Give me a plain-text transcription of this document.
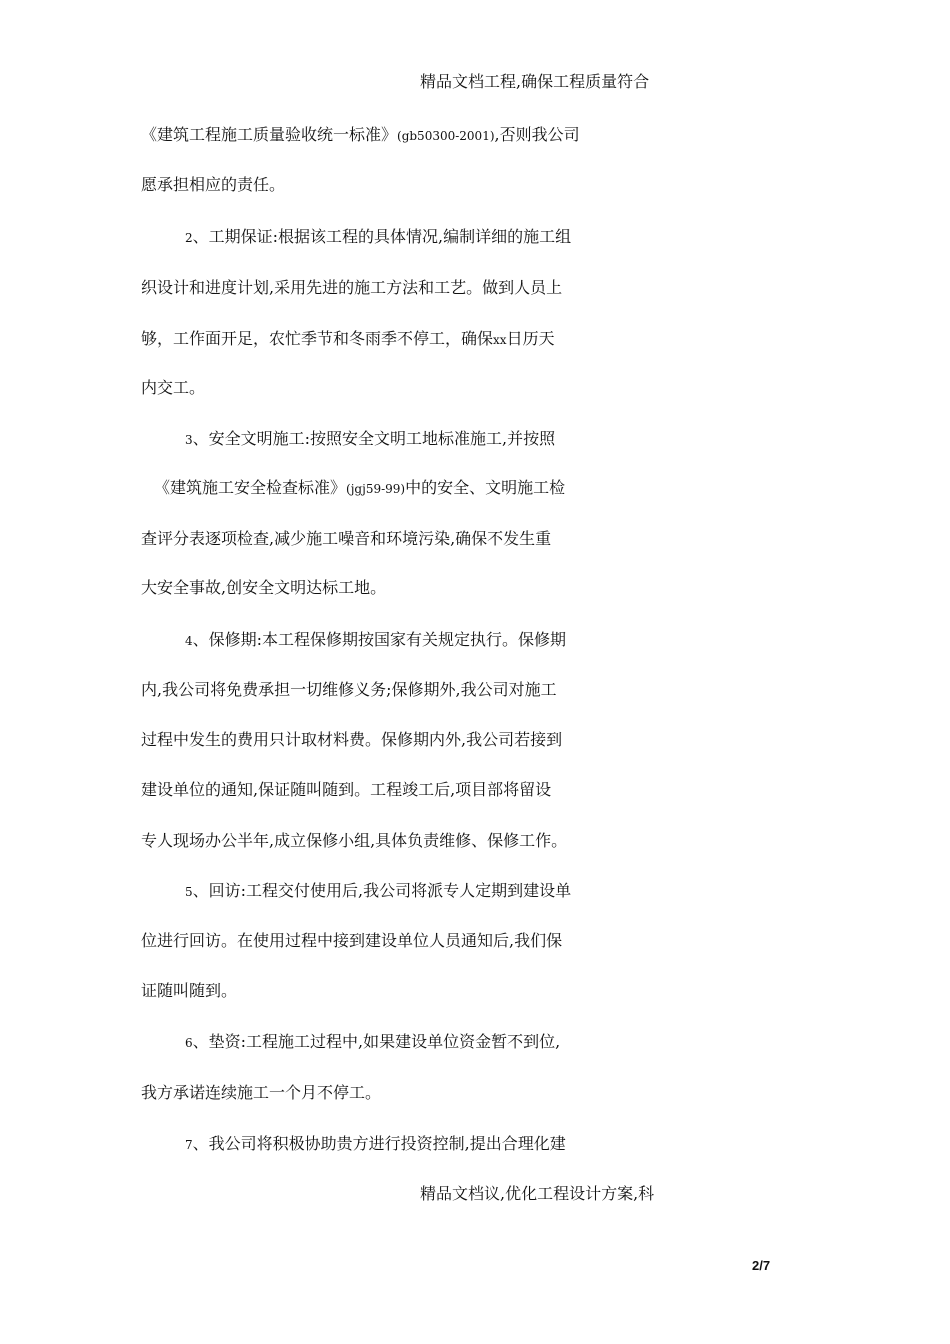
精品文档工程,确保工程质量符合
《建筑工程施工质量验收统一标准》(gb50300-2001),否则我公司
愿承担相应的责任。
2、工期保证:根据该工程的具体情况,编制详细的施工组
织设计和进度计划,采用先进的施工方法和工艺。做到人员上
够，工作面开足，农忙季节和冬雨季不停工，确保xx日历天
内交工。
3、安全文明施工:按照安全文明工地标准施工,并按照
《建筑施工安全检查标准》(jgj59-99)中的安全、文明施工检
查评分表逐项检查,减少施工噪音和环境污染,确保不发生重
大安全事故,创安全文明达标工地。
4、保修期:本工程保修期按国家有关规定执行。保修期
内,我公司将免费承担一切维修义务;保修期外,我公司对施工
过程中发生的费用只计取材料费。保修期内外,我公司若接到
建设单位的通知,保证随叫随到。工程竣工后,项目部将留设
专人现场办公半年,成立保修小组,具体负责维修、保修工作。
5、回访:工程交付使用后,我公司将派专人定期到建设单
位进行回访。在使用过程中接到建设单位人员通知后,我们保
证随叫随到。
6、垫资:工程施工过程中,如果建设单位资金暂不到位,
我方承诺连续施工一个月不停工。
7、我公司将积极协助贵方进行投资控制,提出合理化建
精品文档议,优化工程设计方案,科
2/7
